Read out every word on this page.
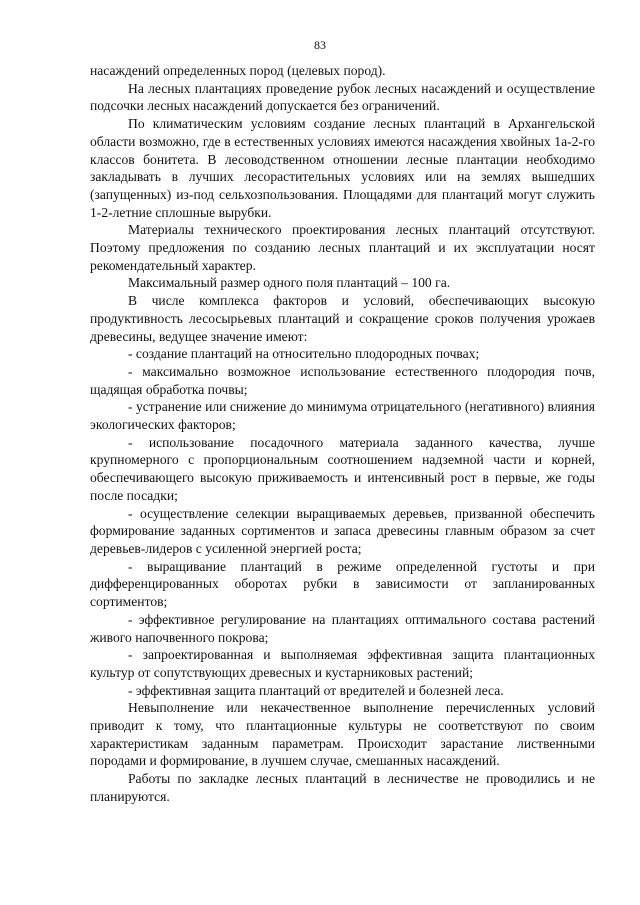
83

насаждений определенных пород (целевых пород).

На лесных плантациях проведение рубок лесных насаждений и осуществление подсочки лесных насаждений допускается без ограничений.

По климатическим условиям создание лесных плантаций в Архангельской области возможно, где в естественных условиях имеются насаждения хвойных 1а-2-го классов бонитета. В лесоводственном отношении лесные плантации необходимо закладывать в лучших лесорастительных условиях или на землях вышедших (запущенных) из-под сельхозпользования. Площадями для плантаций могут служить 1-2-летние сплошные вырубки.

Материалы технического проектирования лесных плантаций отсутствуют. Поэтому предложения по созданию лесных плантаций и их эксплуатации носят рекомендательный характер.

Максимальный размер одного поля плантаций – 100 га.

В числе комплекса факторов и условий, обеспечивающих высокую продуктивность лесосырьевых плантаций и сокращение сроков получения урожаев древесины, ведущее значение имеют:

- создание плантаций на относительно плодородных почвах;

- максимально возможное использование естественного плодородия почв, щадящая обработка почвы;

- устранение или снижение до минимума отрицательного (негативного) влияния экологических факторов;

- использование посадочного материала заданного качества, лучше крупномерного с пропорциональным соотношением надземной части и корней, обеспечивающего высокую приживаемость и интенсивный рост в первые, же годы после посадки;

- осуществление селекции выращиваемых деревьев, призванной обеспечить формирование заданных сортиментов и запаса древесины главным образом за счет деревьев-лидеров с усиленной энергией роста;

- выращивание плантаций в режиме определенной густоты и при дифференцированных оборотах рубки в зависимости от запланированных сортиментов;

- эффективное регулирование на плантациях оптимального состава растений живого напочвенного покрова;

- запроектированная и выполняемая эффективная защита плантационных культур от сопутствующих древесных и кустарниковых растений;

- эффективная защита плантаций от вредителей и болезней леса.

Невыполнение или некачественное выполнение перечисленных условий приводит к тому, что плантационные культуры не соответствуют по своим характеристикам заданным параметрам. Происходит зарастание лиственными породами и формирование, в лучшем случае, смешанных насаждений.

Работы по закладке лесных плантаций в лесничестве не проводились и не планируются.
